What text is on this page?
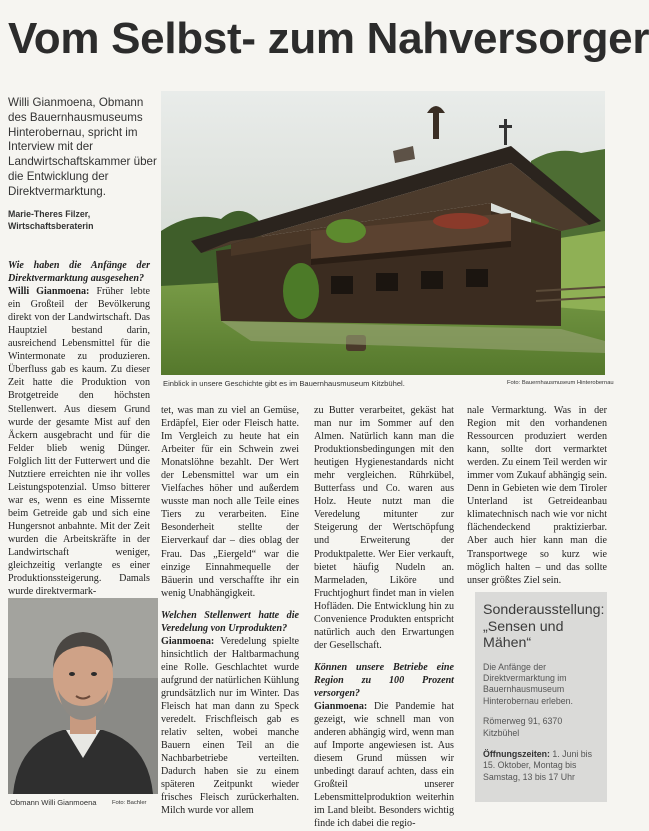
Vom Selbst- zum Nahversorger
Willi Gianmoena, Obmann des Bauernhausmuseums Hinterobernau, spricht im Interview mit der Landwirtschaftskammer über die Entwicklung der Direktvermarktung.
Marie-Theres Filzer,
Wirtschaftsberaterin
Einblick in unsere Geschichte gibt es im Bauernhausmuseum Kitzbühel.	Foto: Bauernhausmuseum Hinterobernau

Wie haben die Anfänge der Direktvermarktung ausgesehen?

Willi Gianmoena: Früher lebte ein Großteil der Bevölkerung direkt von der Landwirtschaft. Das Hauptziel bestand darin, ausreichend Lebensmittel für die Wintermonate zu produzieren. Überfluss gab es kaum. Zu dieser Zeit hatte die Produktion von Brotgetreide den höchsten Stellenwert. Aus diesem Grund wurde der gesamte Mist auf den Äckern ausgebracht und für die Felder blieb wenig Dünger. Folglich litt der Futterwert und die Nutztiere erreichten nie ihr volles Leistungspotenzial. Umso bitterer war es, wenn es eine Missernte beim Getreide gab und sich eine Hungersnot anbahnte. Mit der Zeit wurden die Arbeitskräfte in der Landwirtschaft weniger, gleichzeitig verlangte es einer Produktionssteigerung. Damals wurde direktvermark-

tet, was man zu viel an Gemüse, Erdäpfel, Eier oder Fleisch hatte. Im Vergleich zu heute hat ein Arbeiter für ein Schwein zwei Monatslöhne bezahlt. Der Wert der Lebensmittel war um ein Vielfaches höher und außerdem wusste man noch alle Teile eines Tiers zu verarbeiten. Eine Besonderheit stellte der Eierverkauf dar – dies oblag der Frau. Das „Eiergeld“ war die einzige Einnahmequelle der Bäuerin und verschaffte ihr ein wenig Unabhängigkeit.

Welchen Stellenwert hatte die Veredelung von Urprodukten?

Gianmoena: Veredelung spielte hinsichtlich der Haltbarmachung eine Rolle. Geschlachtet wurde aufgrund der natürlichen Kühlung grundsätzlich nur im Winter. Das Fleisch hat man dann zu Speck veredelt. Frischfleisch gab es relativ selten, wobei manche Bauern einen Teil an die Nachbarbetriebe verteilten. Dadurch haben sie zu einem späteren Zeitpunkt wieder frisches Fleisch zurückerhalten. Milch wurde vor allem

zu Butter verarbeitet, gekäst hat man nur im Sommer auf den Almen. Natürlich kann man die Produktionsbedingungen mit den heutigen Hygienestandards nicht mehr vergleichen. Rührkübel, Butterfass und Co. waren aus Holz. Heute nutzt man die Veredelung mitunter zur Steigerung der Wertschöpfung und Erweiterung der Produktpalette. Wer Eier verkauft, bietet häufig Nudeln an. Marmeladen, Likörе und Fruchtjoghurt findet man in vielen Hofläden. Die Entwicklung hin zu Convenience Produkten entspricht natürlich auch den Erwartungen der Gesellschaft.

Können unsere Betriebe eine Region zu 100 Prozent versorgen?

Gianmoena: Die Pandemie hat gezeigt, wie schnell man von anderen abhängig wird, wenn man auf Importe angewiesen ist. Aus diesem Grund müssen wir unbedingt darauf achten, dass ein Großteil unserer Lebensmittelproduktion weiterhin im Land bleibt. Besonders wichtig finde ich dabei die regio-

nale Vermarktung. Was in der Region mit den vorhandenen Ressourcen produziert werden kann, sollte dort vermarktet werden. Zu einem Teil werden wir immer vom Zukauf abhängig sein. Denn in Gebieten wie dem Tiroler Unterland ist Getreideanbau klimatechnisch nach wie vor nicht flächendeckend praktizierbar. Aber auch hier kann man die Transportwege so kurz wie möglich halten – und das sollte unser größtes Ziel sein.

Obmann Willi Gianmoena	Foto: Bachler
Sonderausstellung: „Sensen und Mähen“
Die Anfänge der Direktvermarktung im Bauernhausmuseum Hinterobernau erleben.
Römerweg 91, 6370 Kitzbühel
Öffnungszeiten: 1. Juni bis 15. Oktober, Montag bis Samstag, 13 bis 17 Uhr
